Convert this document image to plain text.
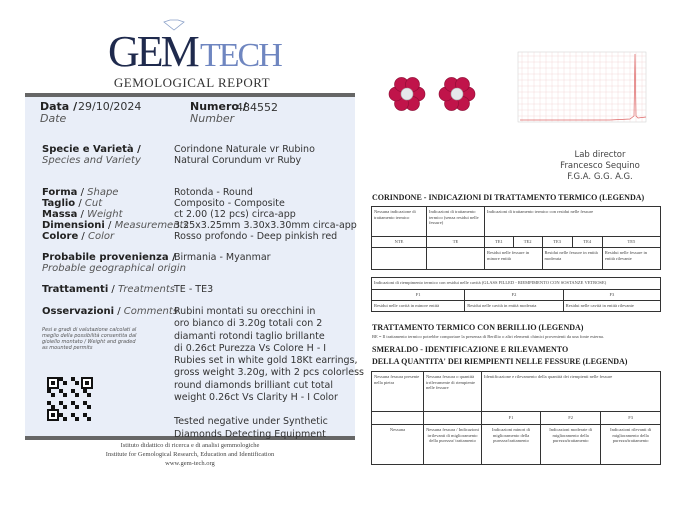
GEM TECH
GEMOLOGICAL REPORT
Data /
Date
29/10/2024	Numero /
Number
484552
Specie e Varietà /
Species and Variety
Corindone Naturale vr Rubino
Natural Corundum vr Ruby
Forma / Shape	Rotonda - Round
Taglio / Cut	Composito - Composite
Massa / Weight	ct 2.00 (12 pcs) circa-app
Dimensioni / Measurements
3.25x3.25mm 3.30x3.30mm circa-app
Colore / Color	Rosso profondo - Deep pinkish red
Probabile provenienza /
Probable geographical origin
Birmania - Myanmar
Trattamenti / Treatments TE - TE3
Osservazioni / Comments
Rubini montati su orecchini in
oro bianco di 3.20g totali con 2
diamanti rotondi taglio brillante
di 0.26ct Purezza Vs Colore H - I
Rubies set in white gold 18Kt earrings,
gross weight 3.20g, with 2 pcs colorless
round diamonds brilliant cut total
weight 0.26ct Vs Clarity H - I Color
Tested negative under Synthetic
Diamonds Detecting Equipment
Pesi e gradi di valutazione calcolati al meglio della possibilità consentita dal gioiello montato / Weight and graded as mounted permits
Istituto didattico di ricerca e di analisi gemmologiche
Institute for Gemological Research, Education and Identification
www.gem-tech.org
Lab director
Francesco Sequino
F.G.A. G.G. A.G.
CORINDONE - INDICAZIONI DI TRATTAMENTO TERMICO (LEGENDA)
Nessuna indicazione di trattamento termico	Indicazioni di trattamento termico (senza residui nelle fessure)	Indicazioni di trattamento termico con residui nelle fessure				
NTE	TE	TE1	TE2	TE3	TE4	TE5
		Residui nelle fessure in minore entità		Residui nelle fessure in entità moderata		Residui nelle fessure in entità rilevante
Indicazioni di riempimento termico con residui nelle cavità (GLASS FILLED - RIEMPIMENTO CON SOSTANZE VETROSE)		
F1	F2	F3
Residui nelle cavità in minore entità	Residui nelle cavità in entità moderata	Residui nelle cavità in entità rilevante
TRATTAMENTO TERMICO CON BERILLIO (LEGENDA)
BE = Il trattamento termico potrebbe comportare la presenza di Berillio o altri elementi chimici provenienti da una fonte esterna.
SMERALDO - IDENTIFICAZIONE E RILEVAMENTO
DELLA QUANTITA' DEI RIEMPIENTI NELLE FESSURE (LEGENDA)
Nessuna fessura presente nella pietra	Nessuna fessura o quantità irrilevamente di riempiente nelle fessure	Identificazione e rilevamento della quantità dei riempienti nelle fessure		
		F1	F2	F3
Nessuna	Nessuna fessura / Indicazioni irrilevanti di miglioramento della purezza/ trattamento	Indicazioni minori di miglioramento della purezza/trattamento	Indicazioni moderate di miglioramento della purezza/trattamento	Indicazioni rilevanti di miglioramento della purezza/trattamento
